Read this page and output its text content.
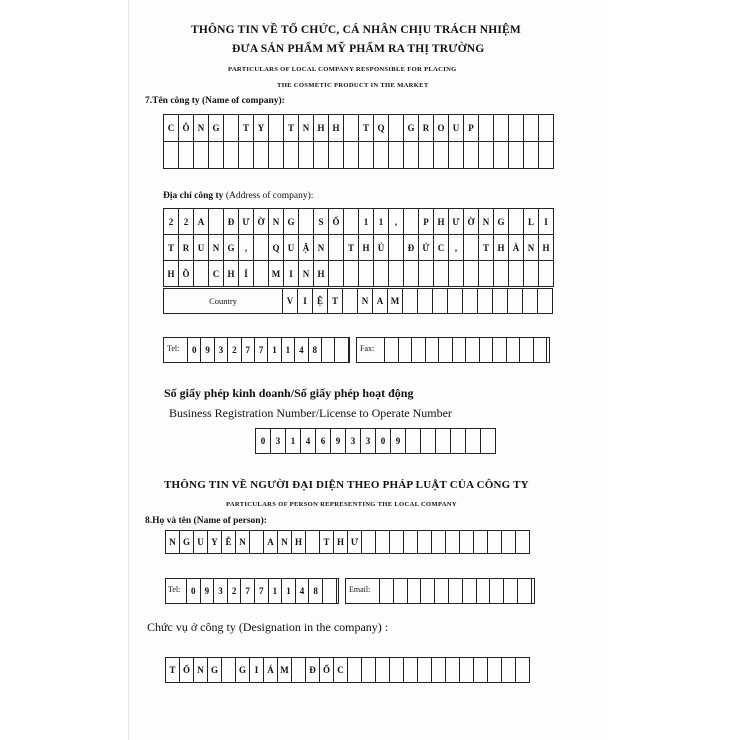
THÔNG TIN VỀ TỔ CHỨC, CÁ NHÂN CHỊU TRÁCH NHIỆM
ĐƯA SẢN PHẨM MỸ PHẨM RA THỊ TRƯỜNG
PARTICULARS OF LOCAL COMPANY RESPONSIBLE FOR PLACING
THE COSMETIC PRODUCT IN THE MARKET
7.Tên công ty (Name of company):
C Ô N G	T Y	T N H H	T Q	G R O U	P
Địa chỉ công ty (Address of company):
2	2	A	Đ Ư Ờ N G	S Ố	1	1	,	P H Ư Ờ N G	L	I
T R U N G	,	Q U Ậ N	T H Ủ	Đ Ứ C	,	T H À N H
H Ồ	C H	Í	M I	N H
Country	V	I	Ệ T	N A M
Tel:	0 9 3 2 7 7 1 1 4 8	Fax:
Số giấy phép kinh doanh/Số giấy phép hoạt động
Business Registration Number/License to Operate Number
0	3	1	4	6	9	3	3	0	9
THÔNG TIN VỀ NGƯỜI ĐẠI DIỆN THEO PHÁP LUẬT CỦA CÔNG TY
PARTICULARS OF PERSON REPRESENTING THE LOCAL COMPANY
8.Họ và tên (Name of person):
N G U Y Ễ N	A N H	T H Ư
Tel:	0	9	3	2	7	7	1	1	4	8	Email:
Chức vụ ở công ty (Designation in the company) :
T Ổ N G	G I	Á M	Đ Ố C
